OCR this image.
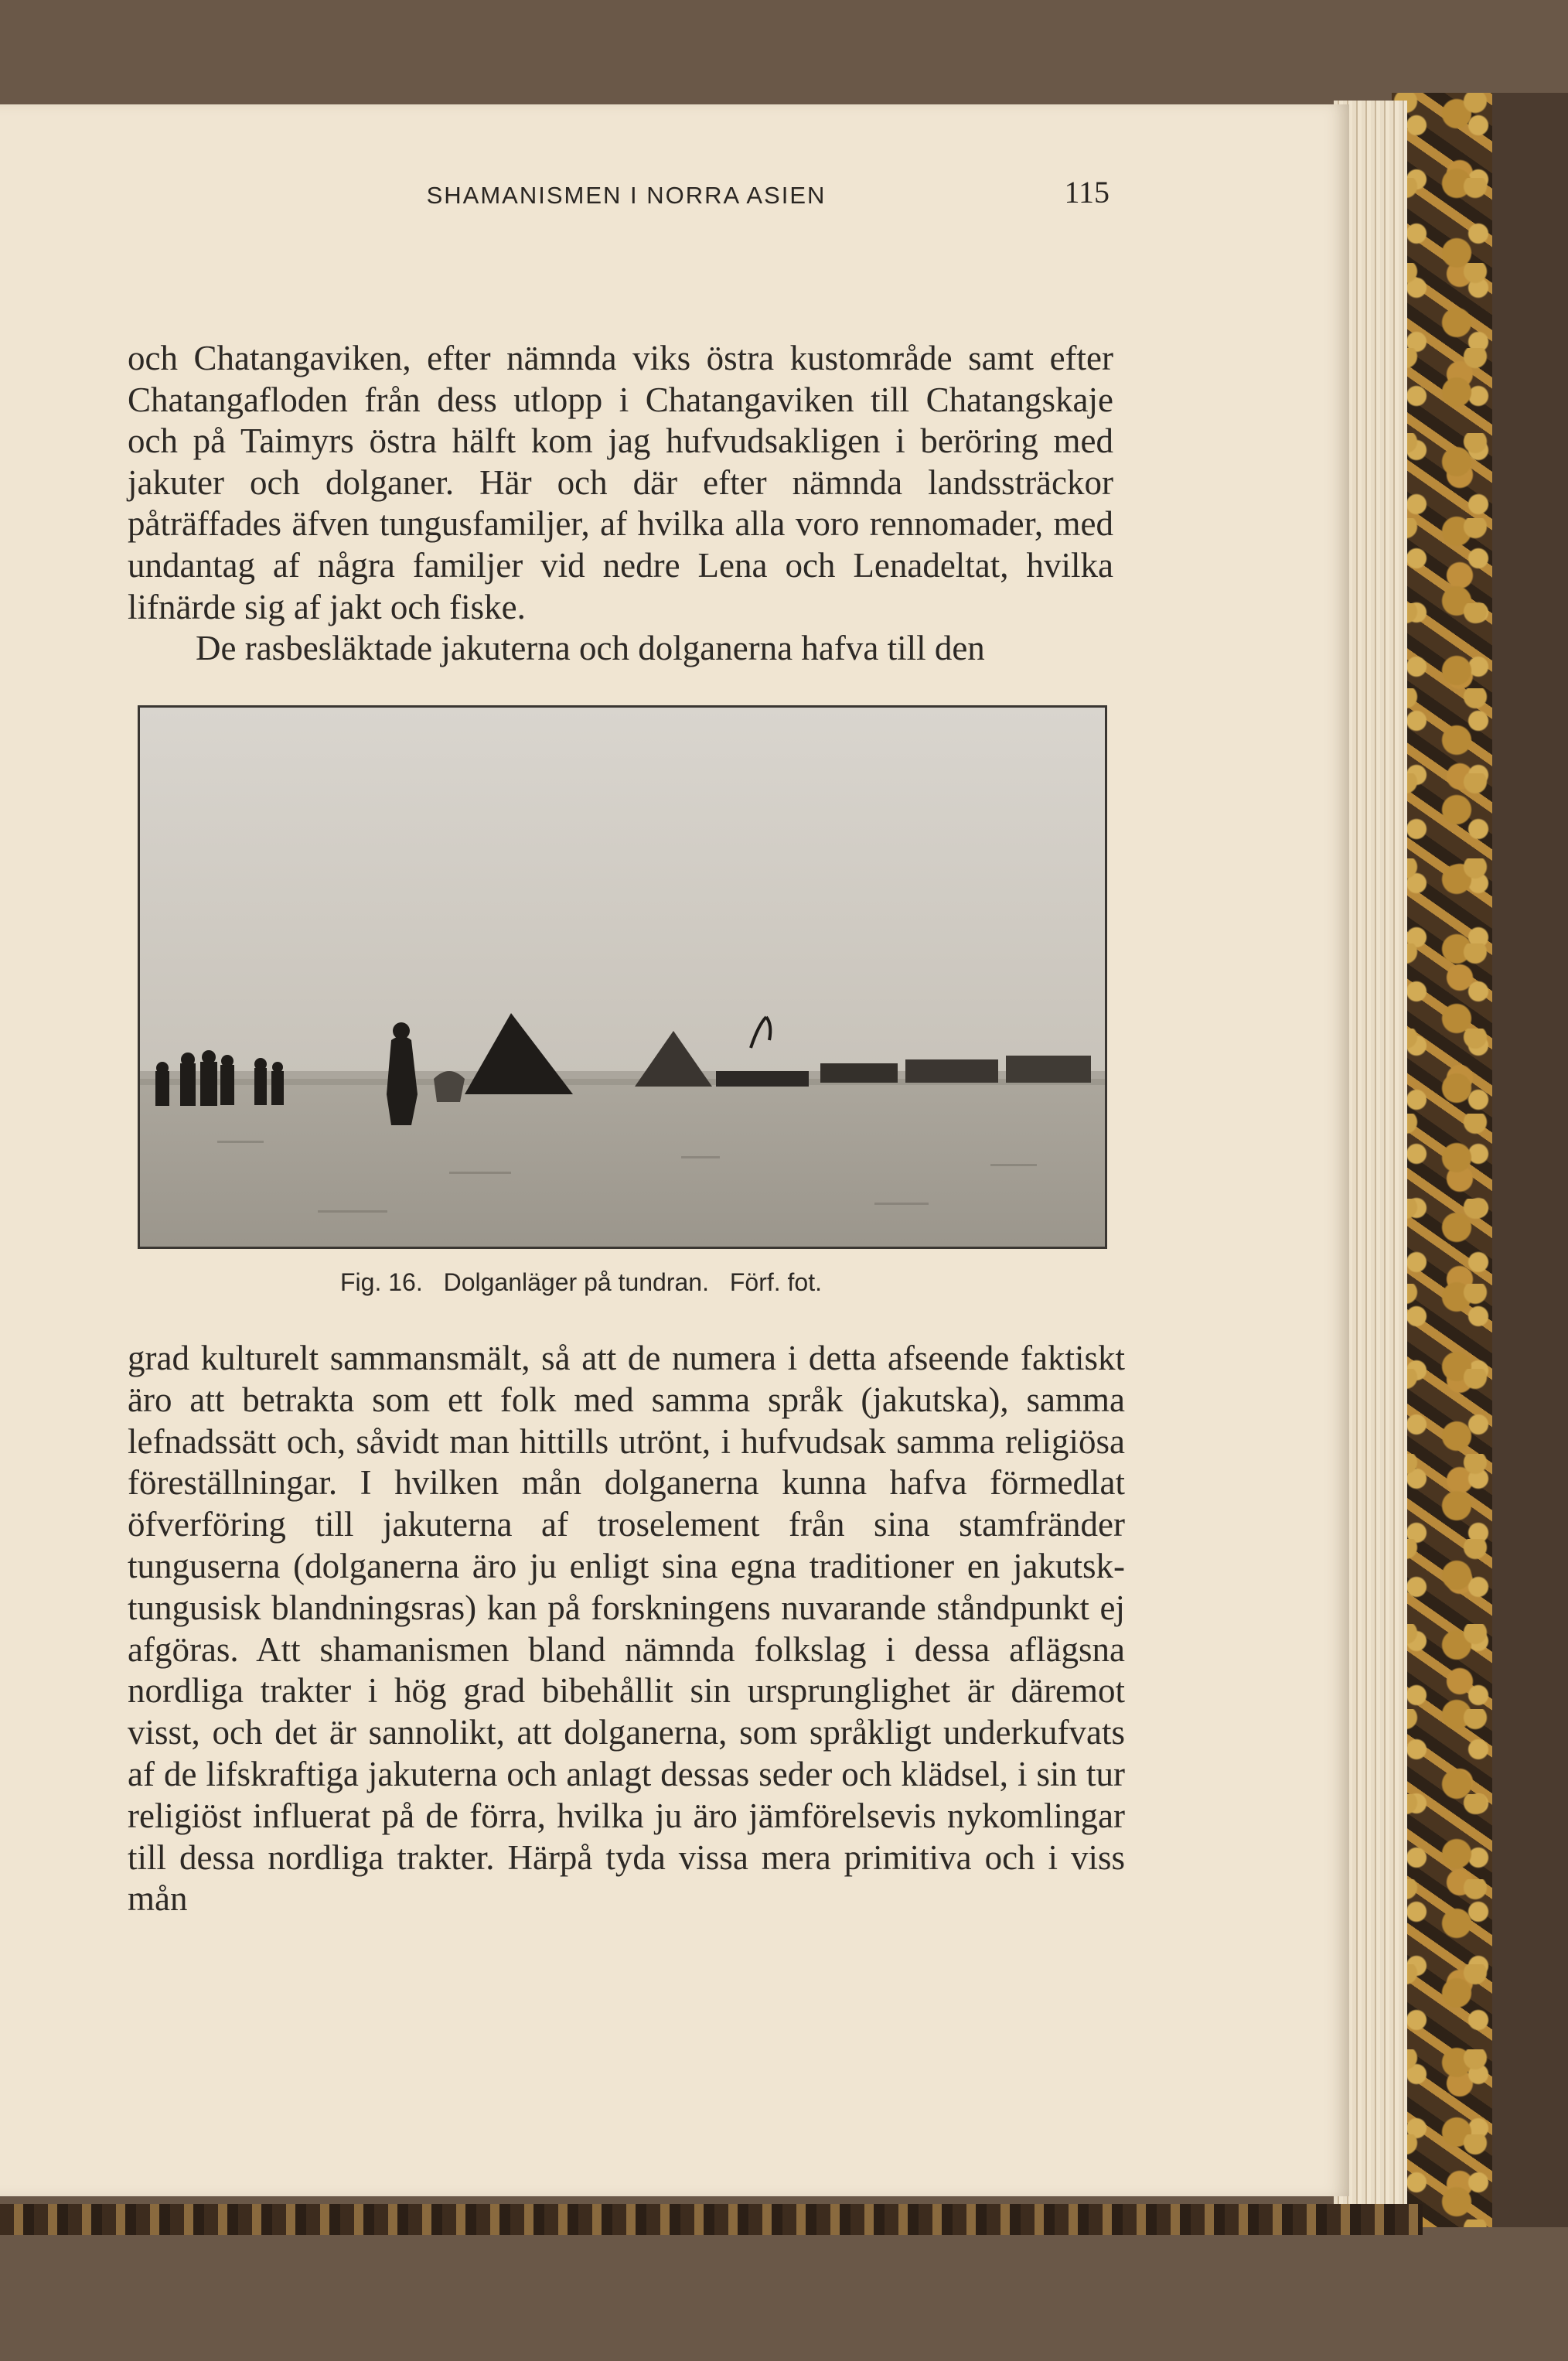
SHAMANISMEN I NORRA ASIEN	115
och Chatangaviken, efter nämnda viks östra kustområde samt efter Chatangafloden från dess utlopp i Chatangaviken till Chatangskaje och på Taimyrs östra hälft kom jag hufvudsakligen i beröring med jakuter och dolganer. Här och där efter nämnda landssträckor påträffades äfven tungusfamiljer, af hvilka alla voro rennomader, med undantag af några familjer vid nedre Lena och Lenadeltat, hvilka lifnärde sig af jakt och fiske.
De rasbesläktade jakuterna och dolganerna hafva till den
Fig. 16. Dolganläger på tundran. Förf. fot.
grad kulturelt sammansmält, så att de numera i detta afseende faktiskt äro att betrakta som ett folk med samma språk (jakutska), samma lefnadssätt och, såvidt man hittills utrönt, i hufvudsak samma religiösa föreställningar. I hvilken mån dolganerna kunna hafva förmedlat öfverföring till jakuterna af troselement från sina stamfränder tunguserna (dolganerna äro ju enligt sina egna traditioner en jakutsk-tungusisk blandningsras) kan på forskningens nuvarande ståndpunkt ej afgöras. Att shamanismen bland nämnda folkslag i dessa aflägsna nordliga trakter i hög grad bibehållit sin ursprunglighet är däremot visst, och det är sannolikt, att dolganerna, som språkligt underkufvats af de lifskraftiga jakuterna och anlagt dessas seder och klädsel, i sin tur religiöst influerat på de förra, hvilka ju äro jämförelsevis nykomlingar till dessa nordliga trakter. Härpå tyda vissa mera primitiva och i viss mån
